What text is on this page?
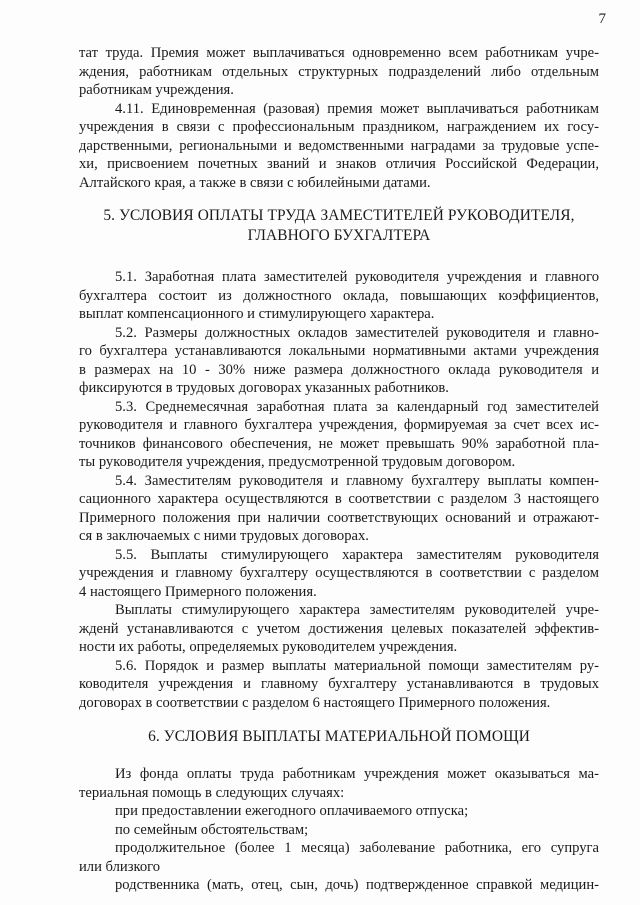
7
тат труда. Премия может выплачиваться одновременно всем работникам учре-
ждения, работникам отдельных структурных подразделений либо отдельным
работникам учреждения.
4.11. Единовременная (разовая) премия может выплачиваться работникам
учреждения в связи с профессиональным праздником, награждением их госу-
дарственными, региональными и ведомственными наградами за трудовые успе-
хи, присвоением почетных званий и знаков отличия Российской Федерации,
Алтайского края, а также в связи с юбилейными датами.
5. УСЛОВИЯ ОПЛАТЫ ТРУДА ЗАМЕСТИТЕЛЕЙ РУКОВОДИТЕЛЯ,
ГЛАВНОГО БУХГАЛТЕРА
5.1. Заработная плата заместителей руководителя учреждения и главного
бухгалтера состоит из должностного оклада, повышающих коэффициентов,
выплат компенсационного и стимулирующего характера.
5.2. Размеры должностных окладов заместителей руководителя и главно-
го бухгалтера устанавливаются локальными нормативными актами учреждения
в размерах на 10 - 30% ниже размера должностного оклада руководителя и
фиксируются в трудовых договорах указанных работников.
5.3. Среднемесячная заработная плата за календарный год заместителей
руководителя и главного бухгалтера учреждения, формируемая за счет всех ис-
точников финансового обеспечения, не может превышать 90% заработной пла-
ты руководителя учреждения, предусмотренной трудовым договором.
5.4. Заместителям руководителя и главному бухгалтеру выплаты компен-
сационного характера осуществляются в соответствии с разделом 3 настоящего
Примерного положения при наличии соответствующих оснований и отражают-
ся в заключаемых с ними трудовых договорах.
5.5. Выплаты стимулирующего характера заместителям руководителя
учреждения и главному бухгалтеру осуществляются в соответствии с разделом
4 настоящего Примерного положения.
Выплаты стимулирующего характера заместителям руководителей учре-
жденй устанавливаются с учетом достижения целевых показателей эффектив-
ности их работы, определяемых руководителем учреждения.
5.6. Порядок и размер выплаты материальной помощи заместителям ру-
ководителя учреждения и главному бухгалтеру устанавливаются в трудовых
договорах в соответствии с разделом 6 настоящего Примерного положения.
6. УСЛОВИЯ ВЫПЛАТЫ МАТЕРИАЛЬНОЙ ПОМОЩИ
Из фонда оплаты труда работникам учреждения может оказываться ма-
териальная помощь в следующих случаях:
при предоставлении ежегодного оплачиваемого отпуска;
по семейным обстоятельствам;
продолжительное (более 1 месяца) заболевание работника, его супруга
или близкого
родственника (мать, отец, сын, дочь) подтвержденное справкой медицин-
